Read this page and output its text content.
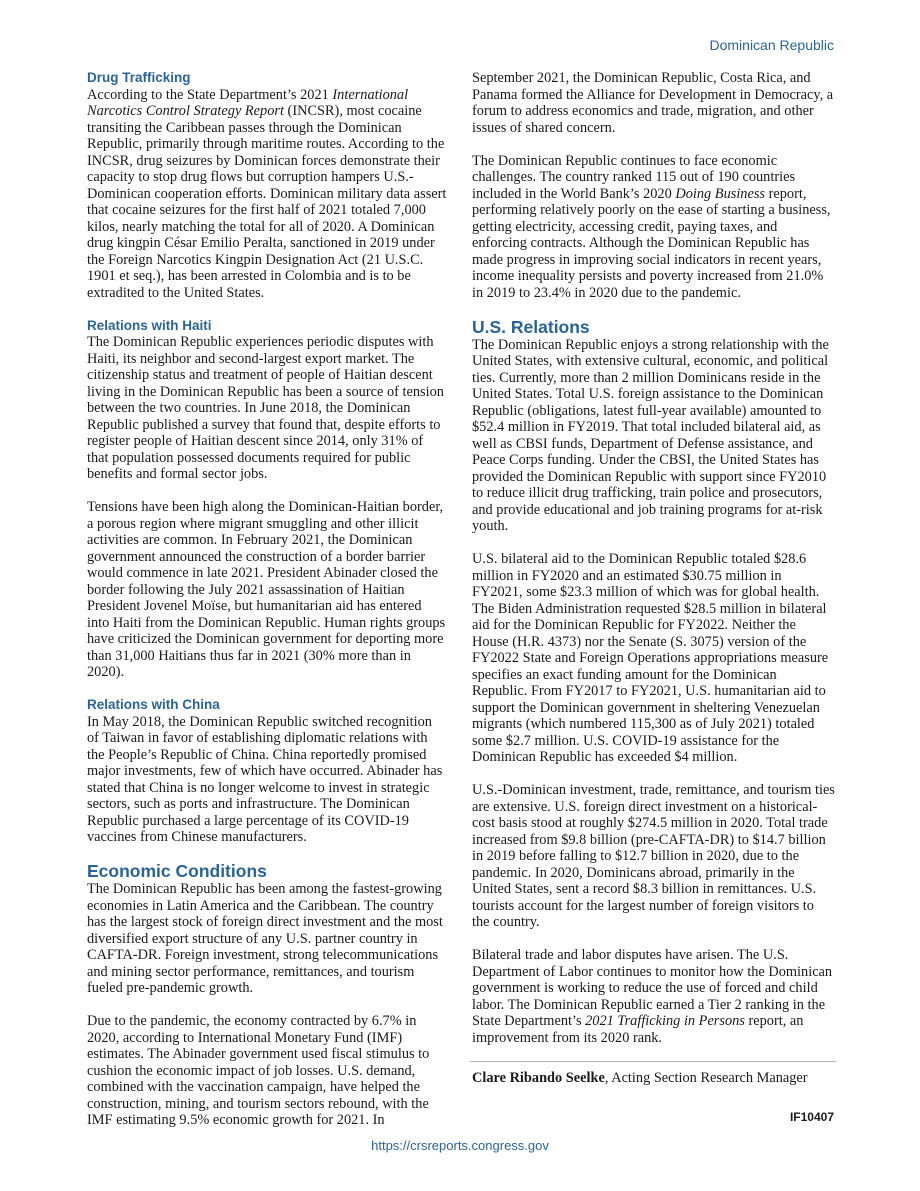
Dominican Republic
Drug Trafficking

According to the State Department’s 2021 International Narcotics Control Strategy Report (INCSR), most cocaine transiting the Caribbean passes through the Dominican Republic, primarily through maritime routes. According to the INCSR, drug seizures by Dominican forces demonstrate their capacity to stop drug flows but corruption hampers U.S.-Dominican cooperation efforts. Dominican military data assert that cocaine seizures for the first half of 2021 totaled 7,000 kilos, nearly matching the total for all of 2020. A Dominican drug kingpin César Emilio Peralta, sanctioned in 2019 under the Foreign Narcotics Kingpin Designation Act (21 U.S.C. 1901 et seq.), has been arrested in Colombia and is to be extradited to the United States.

Relations with Haiti

The Dominican Republic experiences periodic disputes with Haiti, its neighbor and second-largest export market. The citizenship status and treatment of people of Haitian descent living in the Dominican Republic has been a source of tension between the two countries. In June 2018, the Dominican Republic published a survey that found that, despite efforts to register people of Haitian descent since 2014, only 31% of that population possessed documents required for public benefits and formal sector jobs.

Tensions have been high along the Dominican-Haitian border, a porous region where migrant smuggling and other illicit activities are common. In February 2021, the Dominican government announced the construction of a border barrier would commence in late 2021. President Abinader closed the border following the July 2021 assassination of Haitian President Jovenel Moïse, but humanitarian aid has entered into Haiti from the Dominican Republic. Human rights groups have criticized the Dominican government for deporting more than 31,000 Haitians thus far in 2021 (30% more than in 2020).

Relations with China

In May 2018, the Dominican Republic switched recognition of Taiwan in favor of establishing diplomatic relations with the People’s Republic of China. China reportedly promised major investments, few of which have occurred. Abinader has stated that China is no longer welcome to invest in strategic sectors, such as ports and infrastructure. The Dominican Republic purchased a large percentage of its COVID-19 vaccines from Chinese manufacturers.

Economic Conditions

The Dominican Republic has been among the fastest-growing economies in Latin America and the Caribbean. The country has the largest stock of foreign direct investment and the most diversified export structure of any U.S. partner country in CAFTA-DR. Foreign investment, strong telecommunications and mining sector performance, remittances, and tourism fueled pre-pandemic growth.

Due to the pandemic, the economy contracted by 6.7% in 2020, according to International Monetary Fund (IMF) estimates. The Abinader government used fiscal stimulus to cushion the economic impact of job losses. U.S. demand, combined with the vaccination campaign, have helped the construction, mining, and tourism sectors rebound, with the IMF estimating 9.5% economic growth for 2021. In

September 2021, the Dominican Republic, Costa Rica, and Panama formed the Alliance for Development in Democracy, a forum to address economics and trade, migration, and other issues of shared concern.

The Dominican Republic continues to face economic challenges. The country ranked 115 out of 190 countries included in the World Bank’s 2020 Doing Business report, performing relatively poorly on the ease of starting a business, getting electricity, accessing credit, paying taxes, and enforcing contracts. Although the Dominican Republic has made progress in improving social indicators in recent years, income inequality persists and poverty increased from 21.0% in 2019 to 23.4% in 2020 due to the pandemic.

U.S. Relations

The Dominican Republic enjoys a strong relationship with the United States, with extensive cultural, economic, and political ties. Currently, more than 2 million Dominicans reside in the United States. Total U.S. foreign assistance to the Dominican Republic (obligations, latest full-year available) amounted to $52.4 million in FY2019. That total included bilateral aid, as well as CBSI funds, Department of Defense assistance, and Peace Corps funding. Under the CBSI, the United States has provided the Dominican Republic with support since FY2010 to reduce illicit drug trafficking, train police and prosecutors, and provide educational and job training programs for at-risk youth.

U.S. bilateral aid to the Dominican Republic totaled $28.6 million in FY2020 and an estimated $30.75 million in FY2021, some $23.3 million of which was for global health. The Biden Administration requested $28.5 million in bilateral aid for the Dominican Republic for FY2022. Neither the House (H.R. 4373) nor the Senate (S. 3075) version of the FY2022 State and Foreign Operations appropriations measure specifies an exact funding amount for the Dominican Republic. From FY2017 to FY2021, U.S. humanitarian aid to support the Dominican government in sheltering Venezuelan migrants (which numbered 115,300 as of July 2021) totaled some $2.7 million. U.S. COVID-19 assistance for the Dominican Republic has exceeded $4 million.

U.S.-Dominican investment, trade, remittance, and tourism ties are extensive. U.S. foreign direct investment on a historical-cost basis stood at roughly $274.5 million in 2020. Total trade increased from $9.8 billion (pre-CAFTA-DR) to $14.7 billion in 2019 before falling to $12.7 billion in 2020, due to the pandemic. In 2020, Dominicans abroad, primarily in the United States, sent a record $8.3 billion in remittances. U.S. tourists account for the largest number of foreign visitors to the country.

Bilateral trade and labor disputes have arisen. The U.S. Department of Labor continues to monitor how the Dominican government is working to reduce the use of forced and child labor. The Dominican Republic earned a Tier 2 ranking in the State Department’s 2021 Trafficking in Persons report, an improvement from its 2020 rank.

Clare Ribando Seelke, Acting Section Research Manager

IF10407
https://crsreports.congress.gov
